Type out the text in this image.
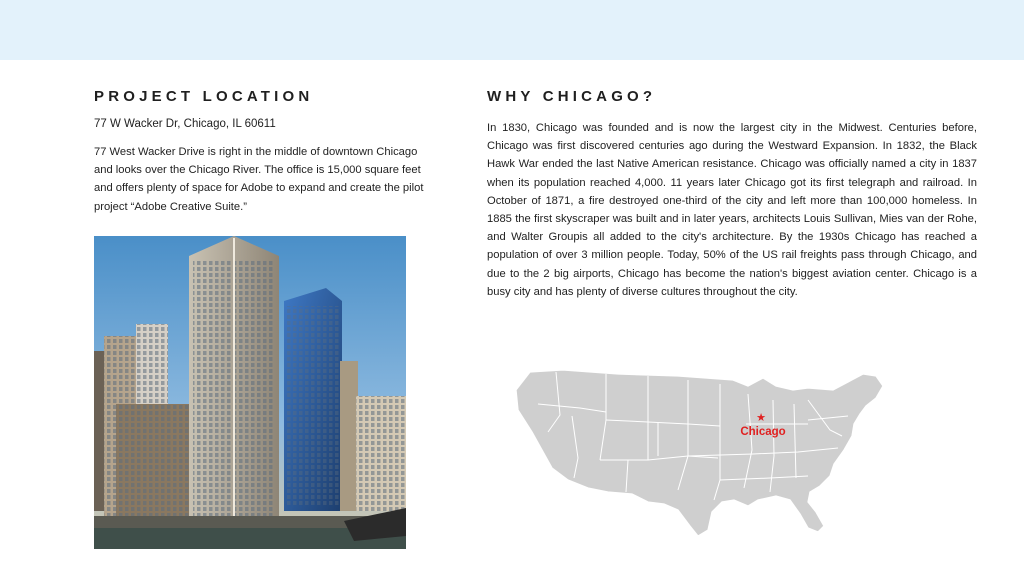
PROJECT LOCATION
77 W Wacker Dr, Chicago, IL 60611

77 West Wacker Drive is right in the middle of downtown Chicago and looks over the Chicago River. The office is 15,000 square feet and offers plenty of space for Adobe to expand and create the pilot project “Adobe Creative Suite.”

WHY CHICAGO?

In 1830, Chicago was founded and is now the largest city in the Midwest. Centuries before, Chicago was first discovered centuries ago during the Westward Expansion. In 1832, the Black Hawk War ended the last Native American resistance. Chicago was officially named a city in 1837 when its population reached 4,000. 11 years later Chicago got its first telegraph and railroad. In October of 1871, a fire destroyed one-third of the city and left more than 100,000 homeless. In 1885 the first skyscraper was built and in later years, architects Louis Sullivan, Mies van der Rohe, and Walter Groupis all added to the city's architecture. By the 1930s Chicago has reached a population of over 3 million people. Today, 50% of the US rail freights pass through Chicago, and due to the 2 big airports, Chicago has become the nation's biggest aviation center. Chicago is a busy city and has plenty of diverse cultures throughout the city.

★
Chicago
